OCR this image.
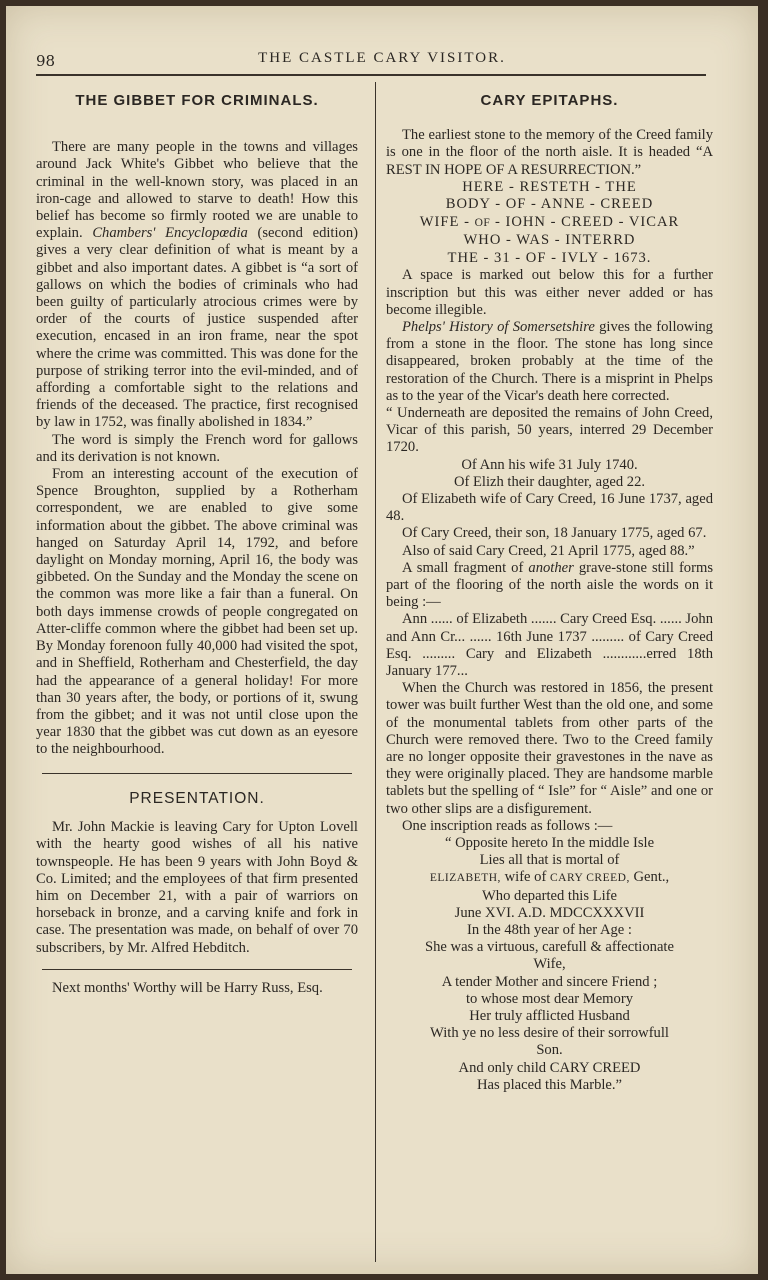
98	THE CASTLE CARY VISITOR.

THE GIBBET FOR CRIMINALS.

There are many people in the towns and villages around Jack White's Gibbet who believe that the criminal in the well-known story, was placed in an iron-cage and allowed to starve to death! How this belief has become so firmly rooted we are unable to explain. Chambers' Encyclopœdia (second edition) gives a very clear definition of what is meant by a gibbet and also important dates. A gibbet is “a sort of gallows on which the bodies of criminals who had been guilty of particularly atrocious crimes were by order of the courts of justice suspended after execution, encased in an iron frame, near the spot where the crime was committed. This was done for the purpose of striking terror into the evil-minded, and of affording a comfortable sight to the relations and friends of the deceased. The practice, first recognised by law in 1752, was finally abolished in 1834.”

The word is simply the French word for gallows and its derivation is not known.

From an interesting account of the execution of Spence Broughton, supplied by a Rotherham correspondent, we are enabled to give some information about the gibbet. The above criminal was hanged on Saturday April 14, 1792, and before daylight on Monday morning, April 16, the body was gibbeted. On the Sunday and the Monday the scene on the common was more like a fair than a funeral. On both days immense crowds of people congregated on Atter-cliffe common where the gibbet had been set up. By Monday forenoon fully 40,000 had visited the spot, and in Sheffield, Rotherham and Chesterfield, the day had the appearance of a general holiday! For more than 30 years after, the body, or portions of it, swung from the gibbet; and it was not until close upon the year 1830 that the gibbet was cut down as an eyesore to the neighbourhood.

PRESENTATION.

Mr. John Mackie is leaving Cary for Upton Lovell with the hearty good wishes of all his native townspeople. He has been 9 years with John Boyd & Co. Limited; and the employees of that firm presented him on December 21, with a pair of warriors on horseback in bronze, and a carving knife and fork in case. The presentation was made, on behalf of over 70 subscribers, by Mr. Alfred Hebditch.

Next months' Worthy will be Harry Russ, Esq.

CARY EPITAPHS.

The earliest stone to the memory of the Creed family is one in the floor of the north aisle. It is headed “A REST IN HOPE OF A RESURRECTION.”

HERE - RESTETH - THE

BODY - OF - ANNE - CREED

WIFE - OF - IOHN - CREED - VICAR

WHO - WAS - INTERRD

THE - 31 - OF - IVLY - 1673.

A space is marked out below this for a further inscription but this was either never added or has become illegible.

Phelps' History of Somersetshire gives the following from a stone in the floor. The stone has long since disappeared, broken probably at the time of the restoration of the Church. There is a misprint in Phelps as to the year of the Vicar's death here corrected.

“ Underneath are deposited the remains of John Creed, Vicar of this parish, 50 years, interred 29 December 1720.

Of Ann his wife 31 July 1740.

Of Elizh their daughter, aged 22.

Of Elizabeth wife of Cary Creed, 16 June 1737, aged 48.

Of Cary Creed, their son, 18 January 1775, aged 67.

Also of said Cary Creed, 21 April 1775, aged 88.”

A small fragment of another grave-stone still forms part of the flooring of the north aisle the words on it being :—

Ann ...... of Elizabeth ....... Cary Creed Esq. ...... John and Ann Cr... ...... 16th June 1737 ......... of Cary Creed Esq. ......... Cary and Elizabeth ............erred 18th January 177...

When the Church was restored in 1856, the present tower was built further West than the old one, and some of the monumental tablets from other parts of the Church were removed there. Two to the Creed family are no longer opposite their gravestones in the nave as they were originally placed. They are handsome marble tablets but the spelling of “ Isle” for “ Aisle” and one or two other slips are a disfigurement.

One inscription reads as follows :—

“ Opposite hereto In the middle Isle

Lies all that is mortal of

ELIZABETH, wife of CARY CREED, Gent.,

Who departed this Life

June XVI. A.D. MDCCXXXVII

In the 48th year of her Age :

She was a virtuous, carefull & affectionate

Wife,

A tender Mother and sincere Friend ;

to whose most dear Memory

Her truly afflicted Husband

With ye no less desire of their sorrowfull

Son.

And only child CARY CREED

Has placed this Marble.”
